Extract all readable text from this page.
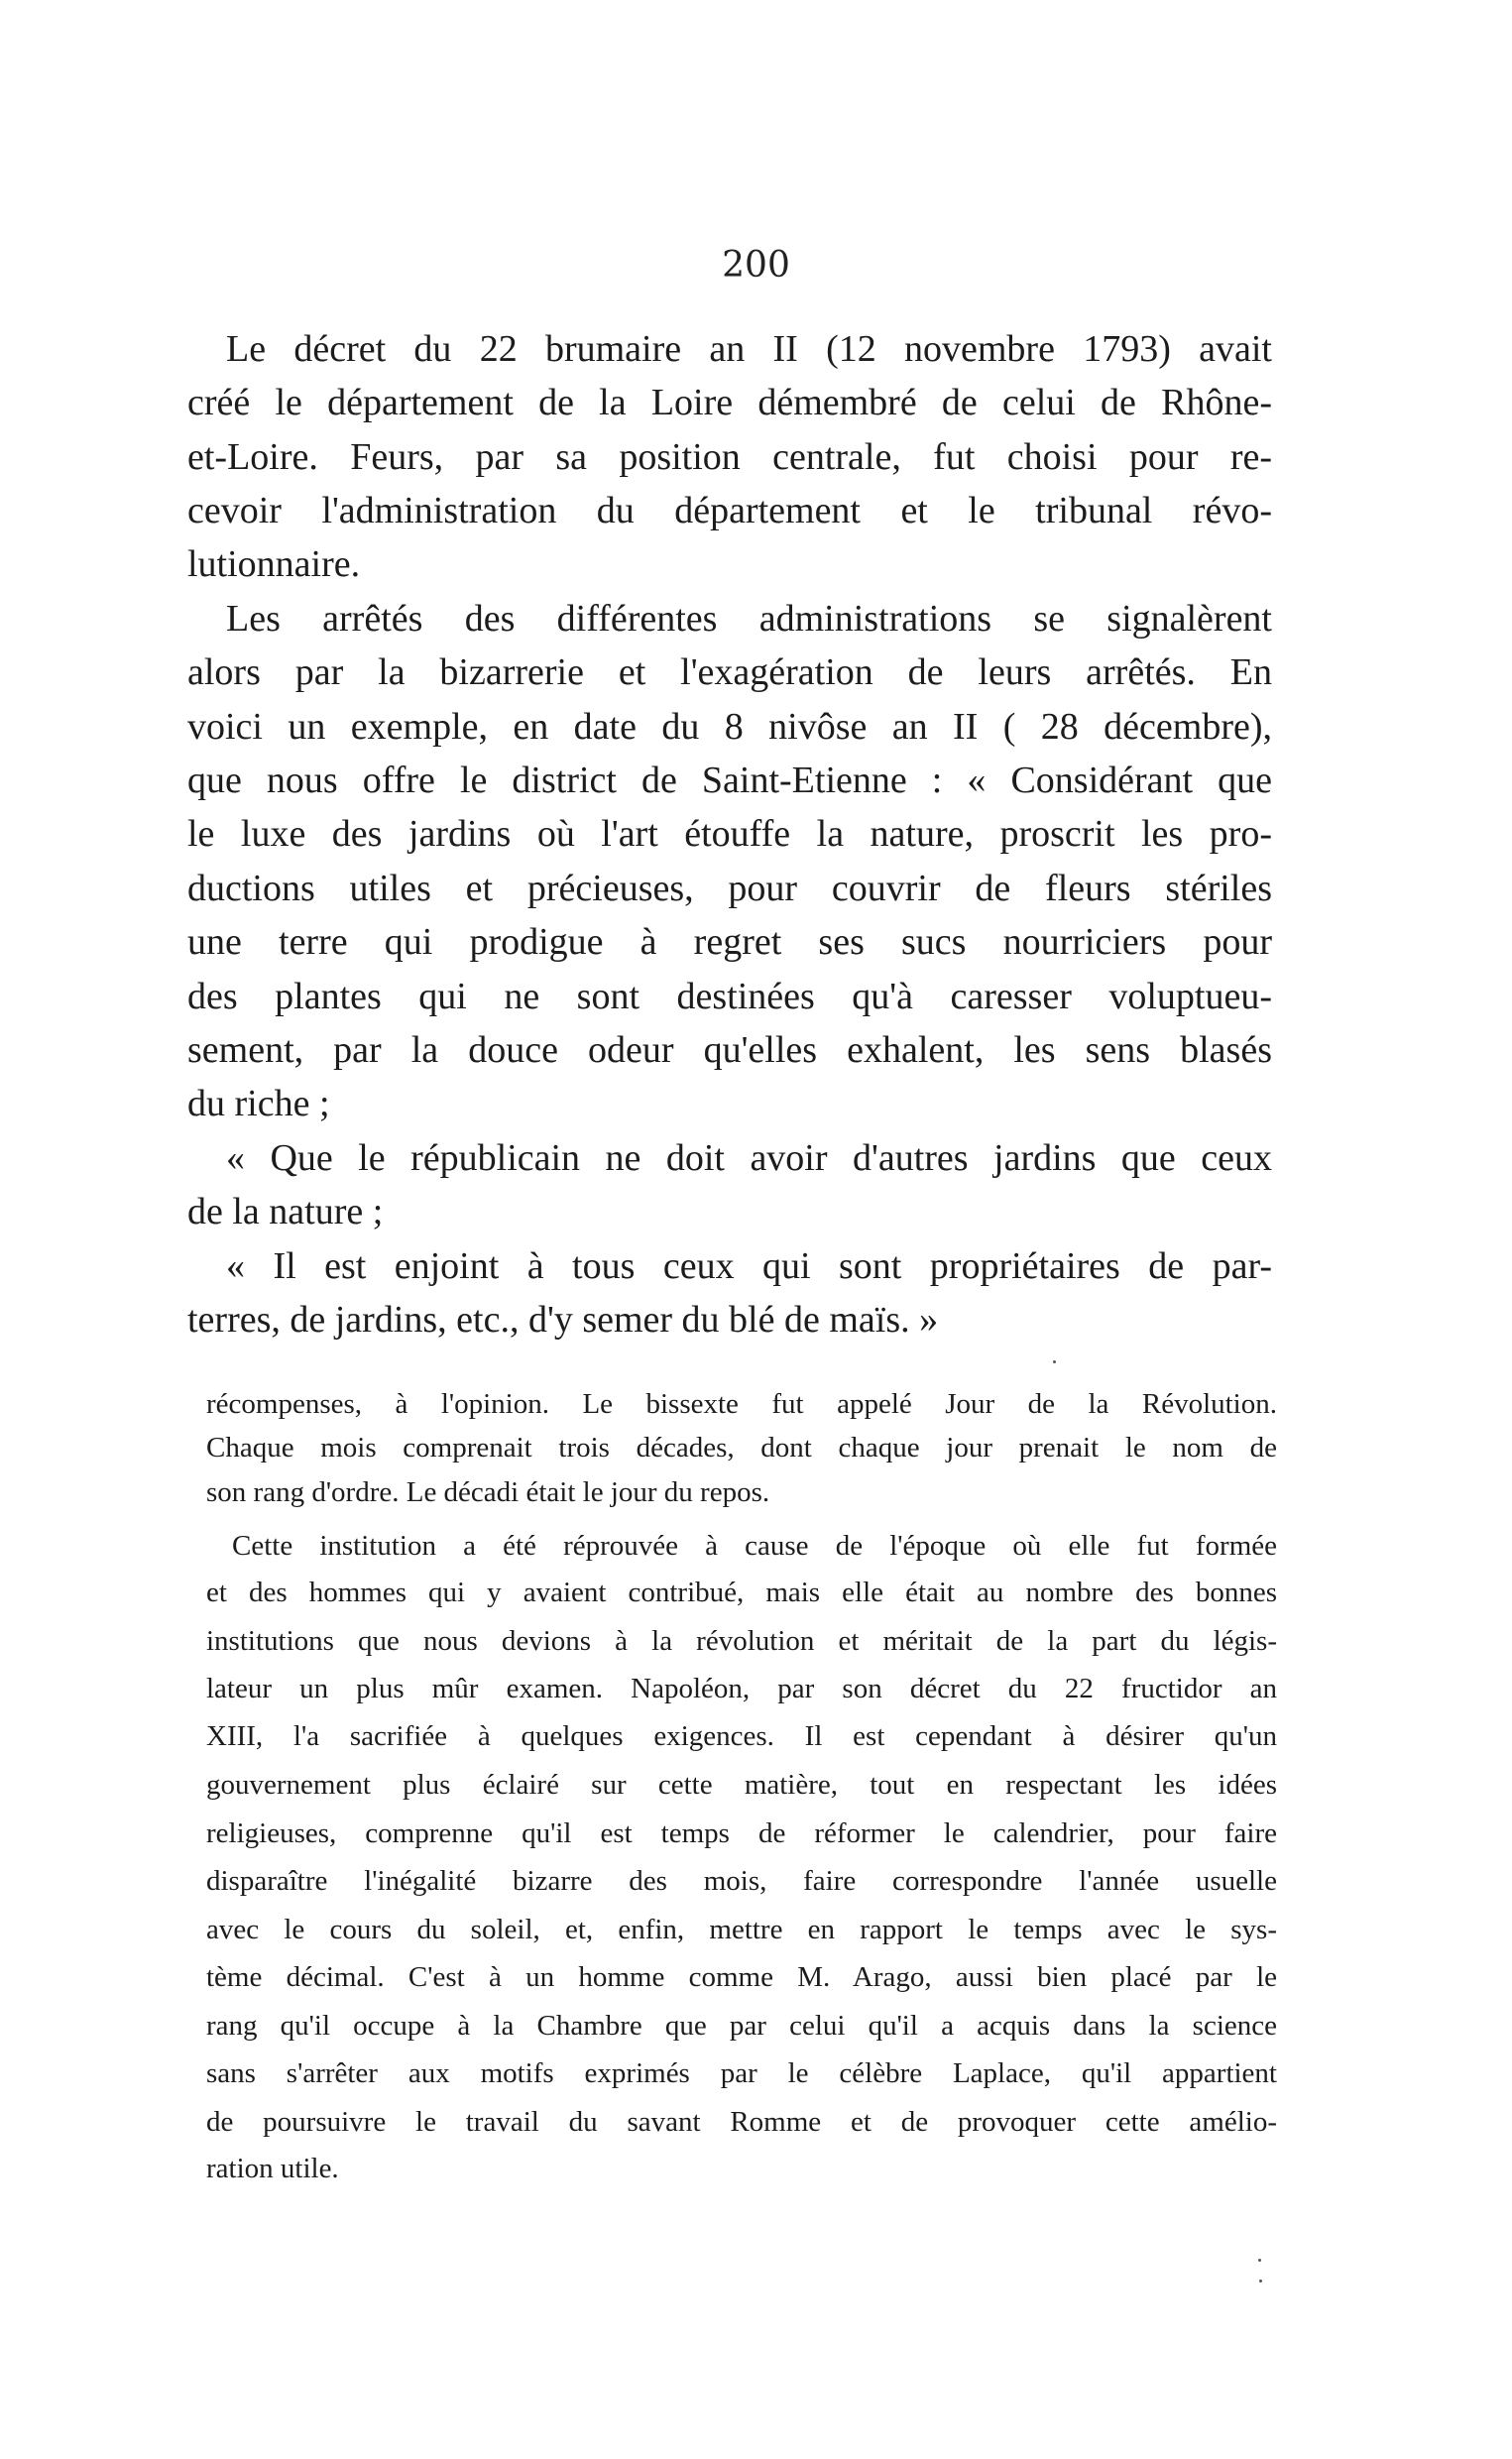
200
Le décret du 22 brumaire an II (12 novembre 1793) avait
créé le département de la Loire démembré de celui de Rhône-
et-Loire. Feurs, par sa position centrale, fut choisi pour re-
cevoir l'administration du département et le tribunal révo-
lutionnaire.
Les arrêtés des différentes administrations se signalèrent
alors par la bizarrerie et l'exagération de leurs arrêtés. En
voici un exemple, en date du 8 nivôse an II ( 28 décembre),
que nous offre le district de Saint-Etienne : « Considérant que
le luxe des jardins où l'art étouffe la nature, proscrit les pro-
ductions utiles et précieuses, pour couvrir de fleurs stériles
une terre qui prodigue à regret ses sucs nourriciers pour
des plantes qui ne sont destinées qu'à caresser voluptueu-
sement, par la douce odeur qu'elles exhalent, les sens blasés
du riche ;
« Que le républicain ne doit avoir d'autres jardins que ceux
de la nature ;
« Il est enjoint à tous ceux qui sont propriétaires de par-
terres, de jardins, etc., d'y semer du blé de maïs. »
récompenses, à l'opinion. Le bissexte fut appelé Jour de la Révolution.
Chaque mois comprenait trois décades, dont chaque jour prenait le nom de
son rang d'ordre. Le décadi était le jour du repos.
Cette institution a été réprouvée à cause de l'époque où elle fut formée
et des hommes qui y avaient contribué, mais elle était au nombre des bonnes
institutions que nous devions à la révolution et méritait de la part du légis-
lateur un plus mûr examen. Napoléon, par son décret du 22 fructidor an
XIII, l'a sacrifiée à quelques exigences. Il est cependant à désirer qu'un
gouvernement plus éclairé sur cette matière, tout en respectant les idées
religieuses, comprenne qu'il est temps de réformer le calendrier, pour faire
disparaître l'inégalité bizarre des mois, faire correspondre l'année usuelle
avec le cours du soleil, et, enfin, mettre en rapport le temps avec le sys-
tème décimal. C'est à un homme comme M. Arago, aussi bien placé par le
rang qu'il occupe à la Chambre que par celui qu'il a acquis dans la science
sans s'arrêter aux motifs exprimés par le célèbre Laplace, qu'il appartient
de poursuivre le travail du savant Romme et de provoquer cette amélio-
ration utile.
